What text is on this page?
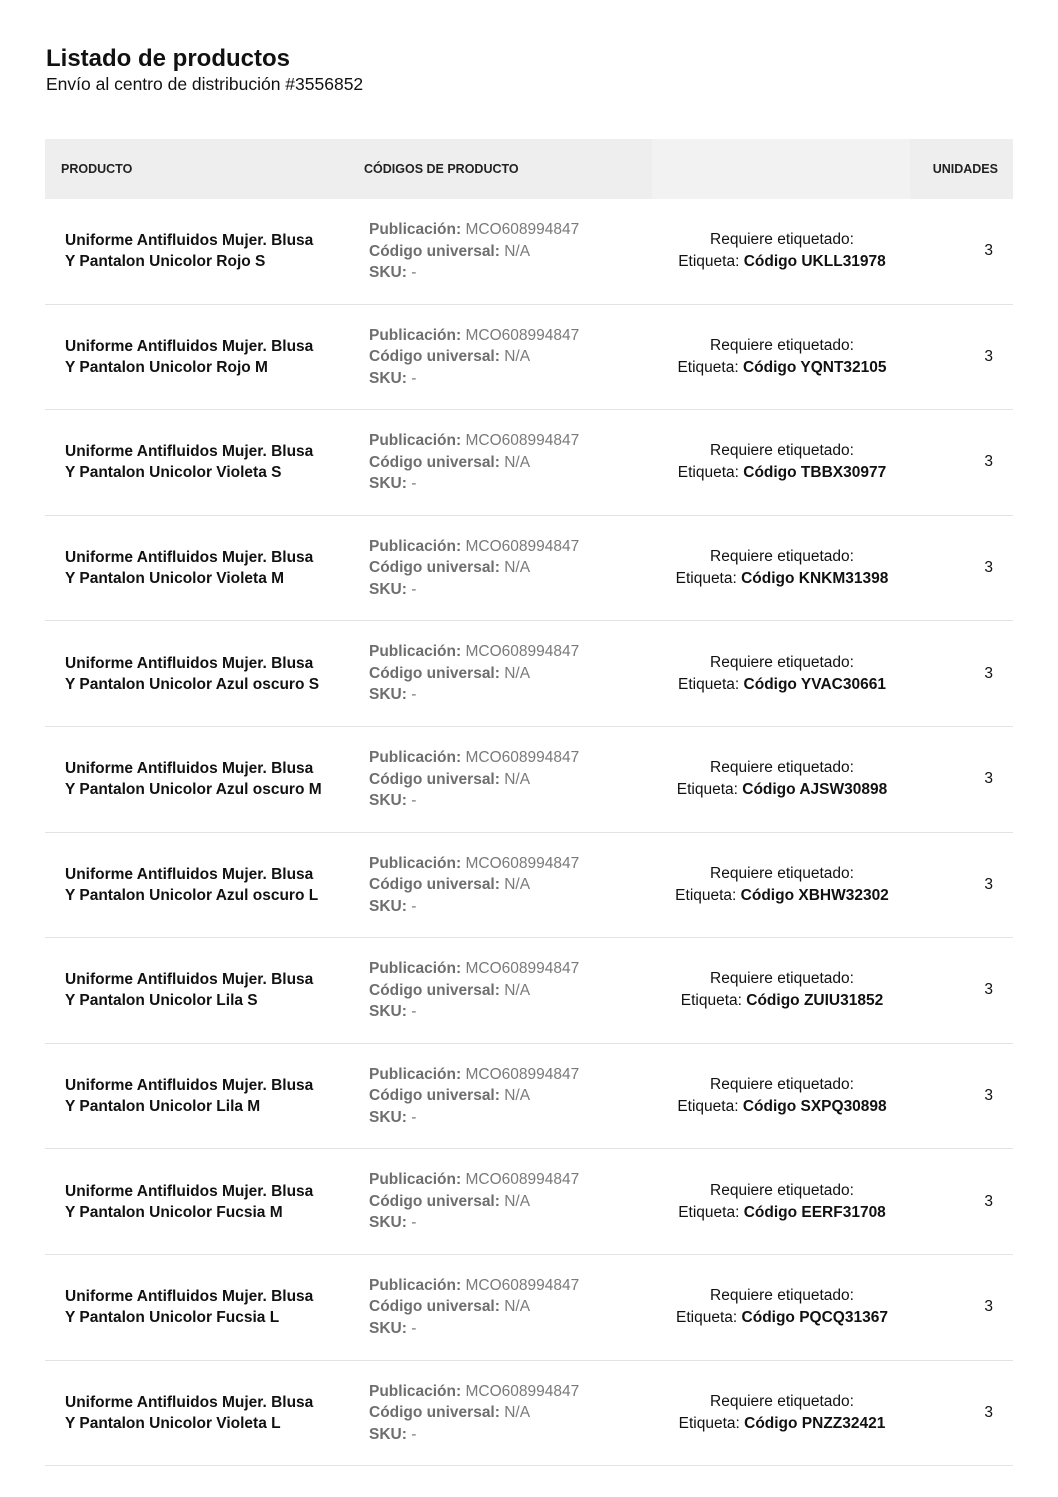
Listado de productos
Envío al centro de distribución #3556852
PRODUCTO	CÓDIGOS DE PRODUCTO	UNIDADES
Uniforme Antifluidos Mujer. Blusa Y Pantalon Unicolor Rojo S
Publicación: MCO608994847
Código universal: N/A
SKU: -
Requiere etiquetado:
Etiqueta: Código UKLL31978
3
Uniforme Antifluidos Mujer. Blusa Y Pantalon Unicolor Rojo M
Publicación: MCO608994847
Código universal: N/A
SKU: -
Requiere etiquetado:
Etiqueta: Código YQNT32105
3
Uniforme Antifluidos Mujer. Blusa Y Pantalon Unicolor Violeta S
Publicación: MCO608994847
Código universal: N/A
SKU: -
Requiere etiquetado:
Etiqueta: Código TBBX30977
3
Uniforme Antifluidos Mujer. Blusa Y Pantalon Unicolor Violeta M
Publicación: MCO608994847
Código universal: N/A
SKU: -
Requiere etiquetado:
Etiqueta: Código KNKM31398
3
Uniforme Antifluidos Mujer. Blusa Y Pantalon Unicolor Azul oscuro S
Publicación: MCO608994847
Código universal: N/A
SKU: -
Requiere etiquetado:
Etiqueta: Código YVAC30661
3
Uniforme Antifluidos Mujer. Blusa Y Pantalon Unicolor Azul oscuro M
Publicación: MCO608994847
Código universal: N/A
SKU: -
Requiere etiquetado:
Etiqueta: Código AJSW30898
3
Uniforme Antifluidos Mujer. Blusa Y Pantalon Unicolor Azul oscuro L
Publicación: MCO608994847
Código universal: N/A
SKU: -
Requiere etiquetado:
Etiqueta: Código XBHW32302
3
Uniforme Antifluidos Mujer. Blusa Y Pantalon Unicolor Lila S
Publicación: MCO608994847
Código universal: N/A
SKU: -
Requiere etiquetado:
Etiqueta: Código ZUIU31852
3
Uniforme Antifluidos Mujer. Blusa Y Pantalon Unicolor Lila M
Publicación: MCO608994847
Código universal: N/A
SKU: -
Requiere etiquetado:
Etiqueta: Código SXPQ30898
3
Uniforme Antifluidos Mujer. Blusa Y Pantalon Unicolor Fucsia M
Publicación: MCO608994847
Código universal: N/A
SKU: -
Requiere etiquetado:
Etiqueta: Código EERF31708
3
Uniforme Antifluidos Mujer. Blusa Y Pantalon Unicolor Fucsia L
Publicación: MCO608994847
Código universal: N/A
SKU: -
Requiere etiquetado:
Etiqueta: Código PQCQ31367
3
Uniforme Antifluidos Mujer. Blusa Y Pantalon Unicolor Violeta L
Publicación: MCO608994847
Código universal: N/A
SKU: -
Requiere etiquetado:
Etiqueta: Código PNZZ32421
3
